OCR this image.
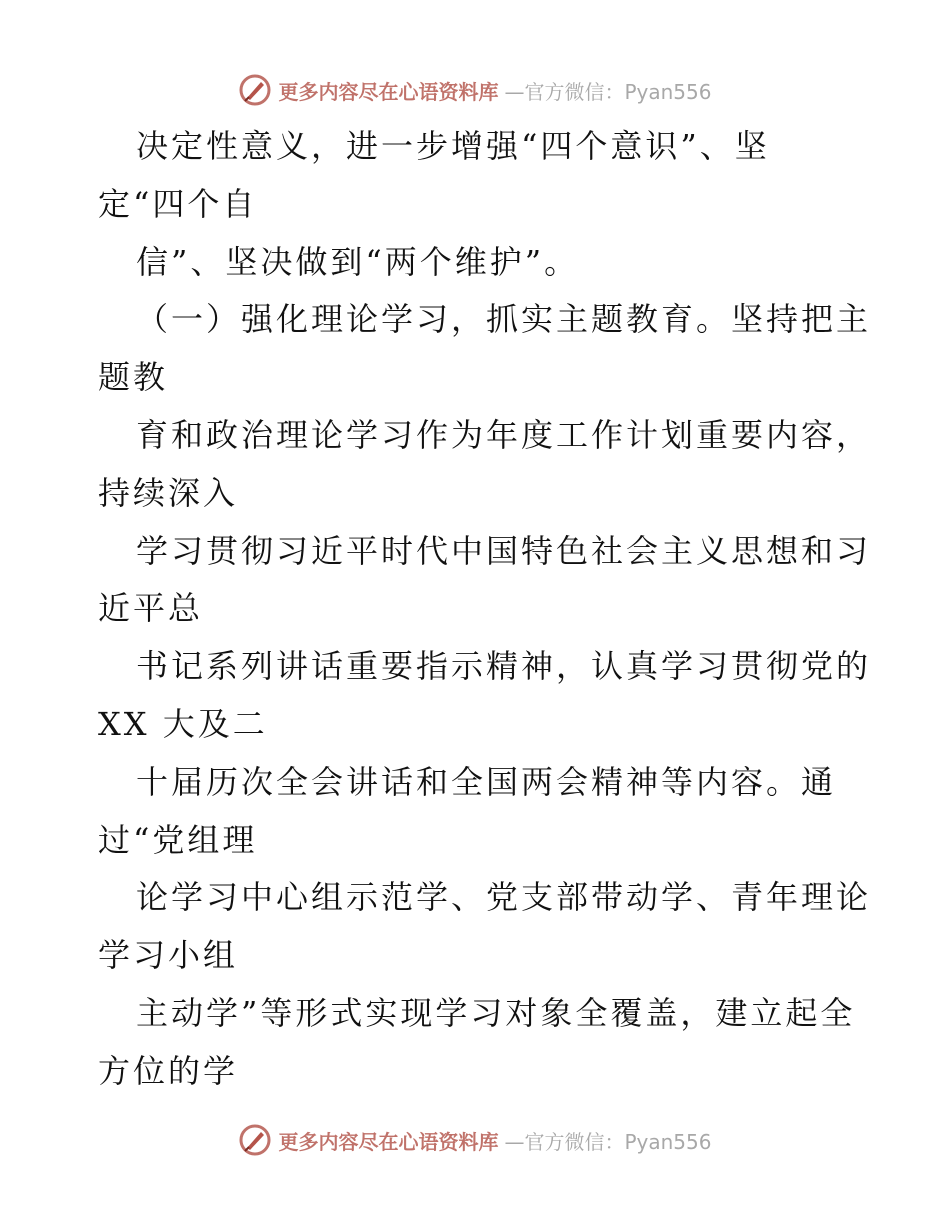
更多内容尽在心语资料库 —官方微信：Pyan556
决定性意义，进一步增强“四个意识”、坚
定“四个自
信”、坚决做到“两个维护”。
（一）强化理论学习，抓实主题教育。坚持把主
题教
育和政治理论学习作为年度工作计划重要内容，
持续深入
学习贯彻习近平时代中国特色社会主义思想和习
近平总
书记系列讲话重要指示精神，认真学习贯彻党的
XX 大及二
十届历次全会讲话和全国两会精神等内容。通
过“党组理
论学习中心组示范学、党支部带动学、青年理论
学习小组
主动学”等形式实现学习对象全覆盖，建立起全
方位的学
更多内容尽在心语资料库 —官方微信：Pyan556
